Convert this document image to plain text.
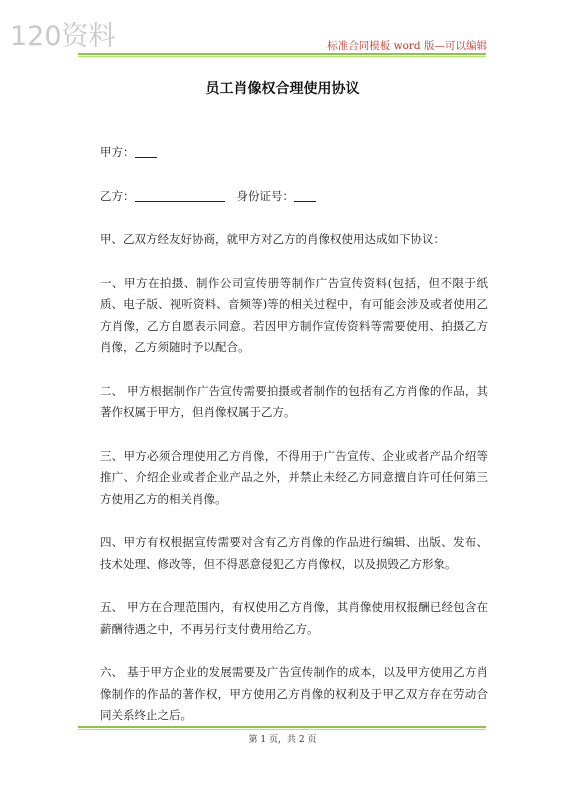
120资料	标准合同模板 word 版—可以编辑
员工肖像权合理使用协议

甲方：

乙方：	身份证号：

甲、乙双方经友好协商，就甲方对乙方的肖像权使用达成如下协议：

一、甲方在拍摄、制作公司宣传册等制作广告宣传资料(包括，但不限于纸质、电子版、视听资料、音频等)等的相关过程中，有可能会涉及或者使用乙方肖像，乙方自愿表示同意。若因甲方制作宣传资料等需要使用、拍摄乙方肖像，乙方须随时予以配合。

二、 甲方根据制作广告宣传需要拍摄或者制作的包括有乙方肖像的作品，其著作权属于甲方，但肖像权属于乙方。

三、甲方必须合理使用乙方肖像，不得用于广告宣传、企业或者产品介绍等推广、介绍企业或者企业产品之外，并禁止未经乙方同意擅自许可任何第三方使用乙方的相关肖像。

四、甲方有权根据宣传需要对含有乙方肖像的作品进行编辑、出版、发布、技术处理、修改等，但不得恶意侵犯乙方肖像权，以及损毁乙方形象。

五、 甲方在合理范围内，有权使用乙方肖像，其肖像使用权报酬已经包含在薪酬待遇之中，不再另行支付费用给乙方。

六、 基于甲方企业的发展需要及广告宣传制作的成本，以及甲方使用乙方肖像制作的作品的著作权，甲方使用乙方肖像的权利及于甲乙双方存在劳动合同关系终止之后。

第 1 页，共 2 页
